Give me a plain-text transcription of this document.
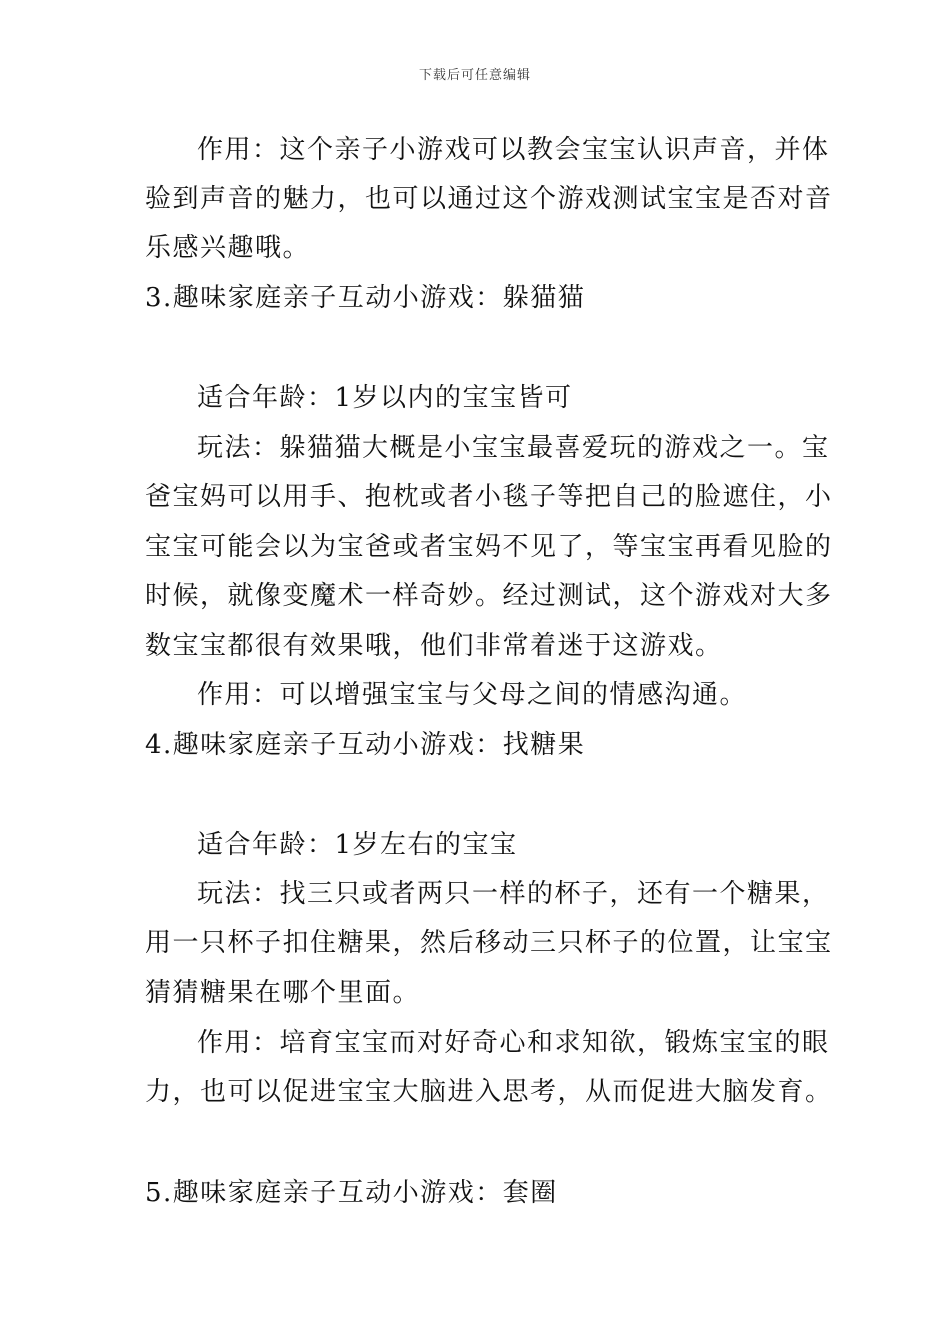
下载后可任意编辑
作用：这个亲子小游戏可以教会宝宝认识声音，并体
验到声音的魅力，也可以通过这个游戏测试宝宝是否对音
乐感兴趣哦。
3.趣味家庭亲子互动小游戏：躲猫猫
适合年龄：1岁以内的宝宝皆可
玩法：躲猫猫大概是小宝宝最喜爱玩的游戏之一。宝
爸宝妈可以用手、抱枕或者小毯子等把自己的脸遮住，小
宝宝可能会以为宝爸或者宝妈不见了，等宝宝再看见脸的
时候，就像变魔术一样奇妙。经过测试，这个游戏对大多
数宝宝都很有效果哦，他们非常着迷于这游戏。
作用：可以增强宝宝与父母之间的情感沟通。
4.趣味家庭亲子互动小游戏：找糖果
适合年龄：1岁左右的宝宝
玩法：找三只或者两只一样的杯子，还有一个糖果，
用一只杯子扣住糖果，然后移动三只杯子的位置，让宝宝
猜猜糖果在哪个里面。
作用：培育宝宝而对好奇心和求知欲，锻炼宝宝的眼
力，也可以促进宝宝大脑进入思考，从而促进大脑发育。
5.趣味家庭亲子互动小游戏：套圈
